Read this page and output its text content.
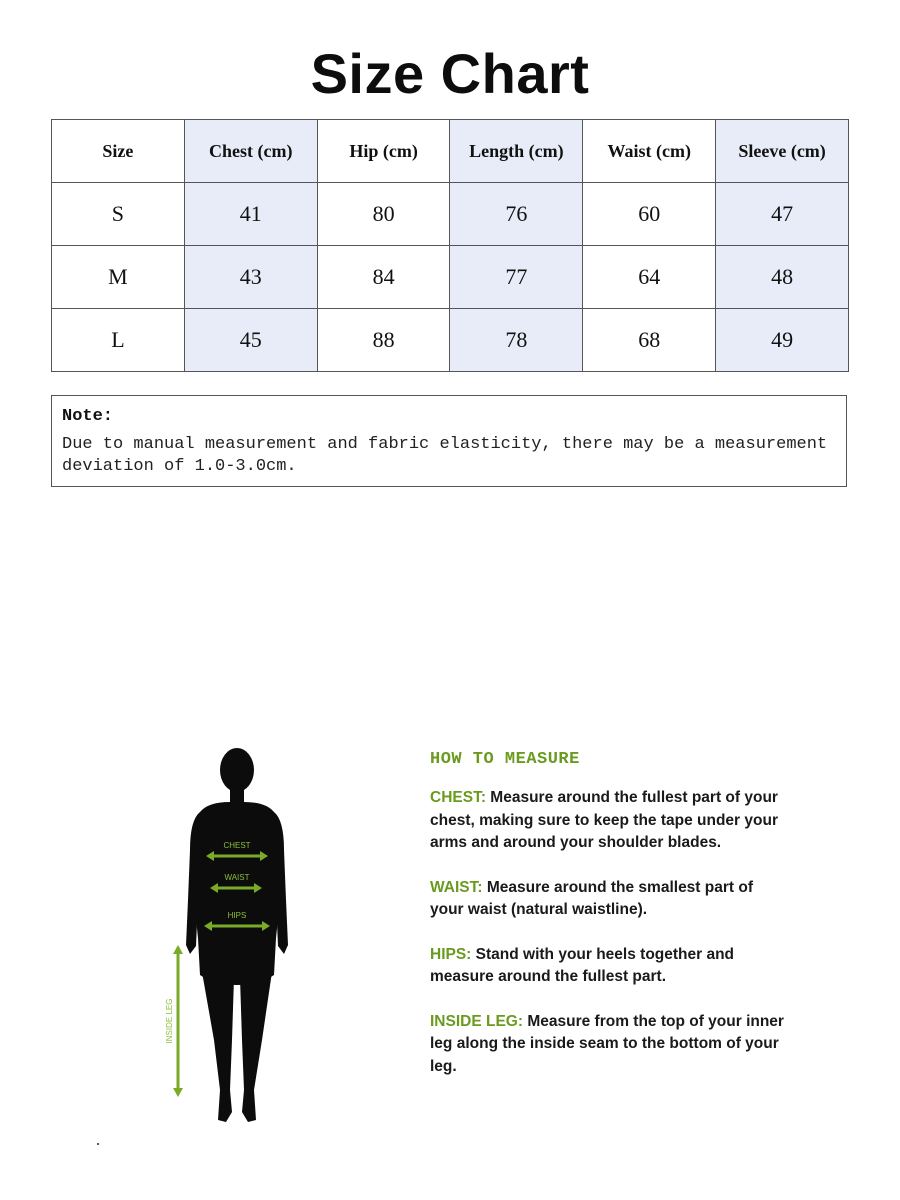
Size Chart
Size	Chest (cm)	Hip (cm)	Length (cm)	Waist (cm)	Sleeve (cm)
S	41	80	76	60	47
M	43	84	77	64	48
L	45	88	78	68	49
Note:
Due to manual measurement and fabric elasticity, there may be a measurement deviation of 1.0-3.0cm.
CHEST
WAIST
HIPS
INSIDE LEG
HOW TO MEASURE
CHEST: Measure around the fullest part of your chest, making sure to keep the tape under your arms and around your shoulder blades.
WAIST: Measure around the smallest part of your waist (natural waistline).
HIPS: Stand with your heels together and measure around the fullest part.
INSIDE LEG: Measure from the top of your inner leg along the inside seam to the bottom of your leg.
